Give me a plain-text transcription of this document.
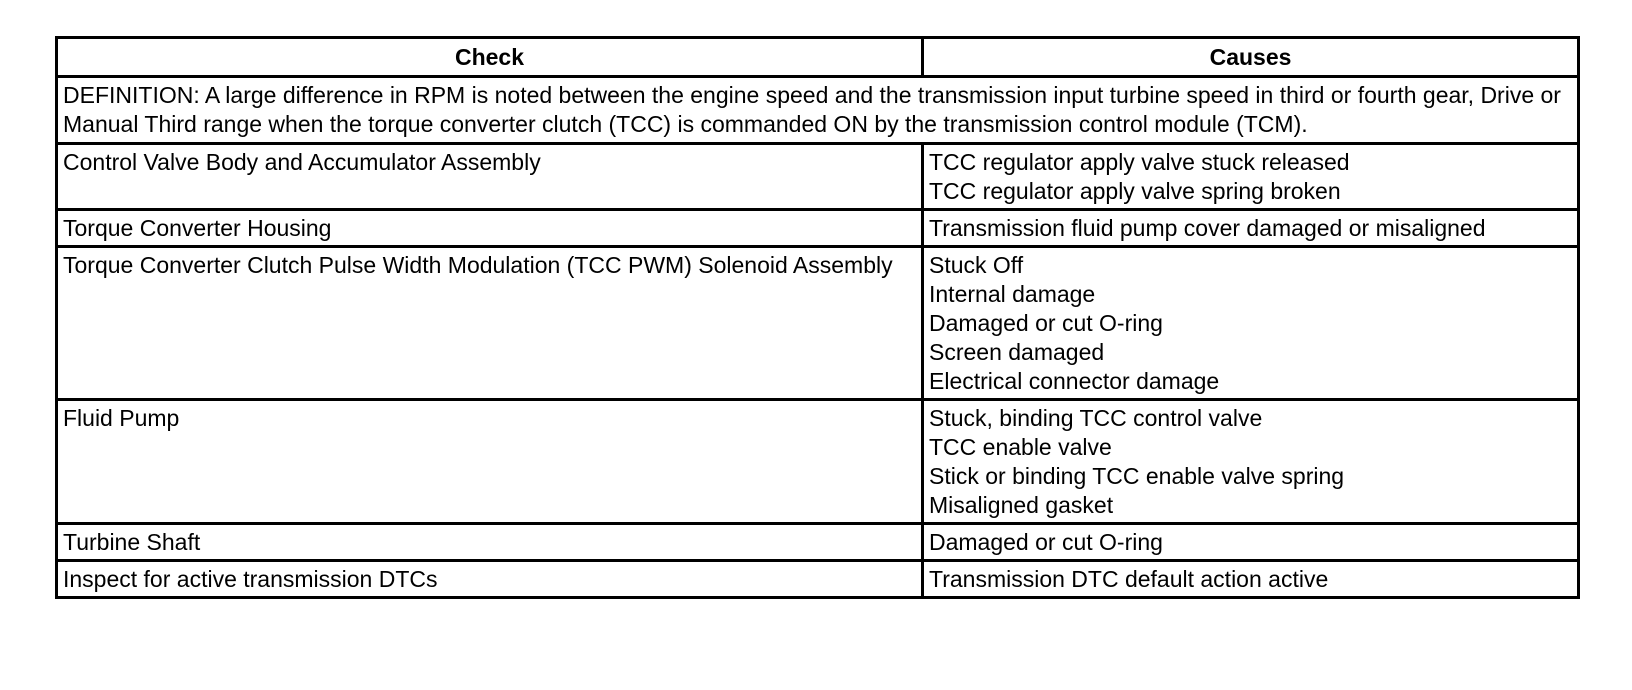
Check	Causes
DEFINITION: A large difference in RPM is noted between the engine speed and the transmission input turbine speed in third or fourth gear, Drive or Manual Third range when the torque converter clutch (TCC) is commanded ON by the transmission control module (TCM).	
Control Valve Body and Accumulator Assembly	TCC regulator apply valve stuck released
TCC regulator apply valve spring broken

Torque Converter Housing	Transmission fluid pump cover damaged or misaligned
Torque Converter Clutch Pulse Width Modulation (TCC PWM) Solenoid Assembly	Stuck Off
Internal damage
Damaged or cut O-ring
Screen damaged
Electrical connector damage

Fluid Pump	Stuck, binding TCC control valve
TCC enable valve
Stick or binding TCC enable valve spring
Misaligned gasket

Turbine Shaft	Damaged or cut O-ring
Inspect for active transmission DTCs	Transmission DTC default action active
